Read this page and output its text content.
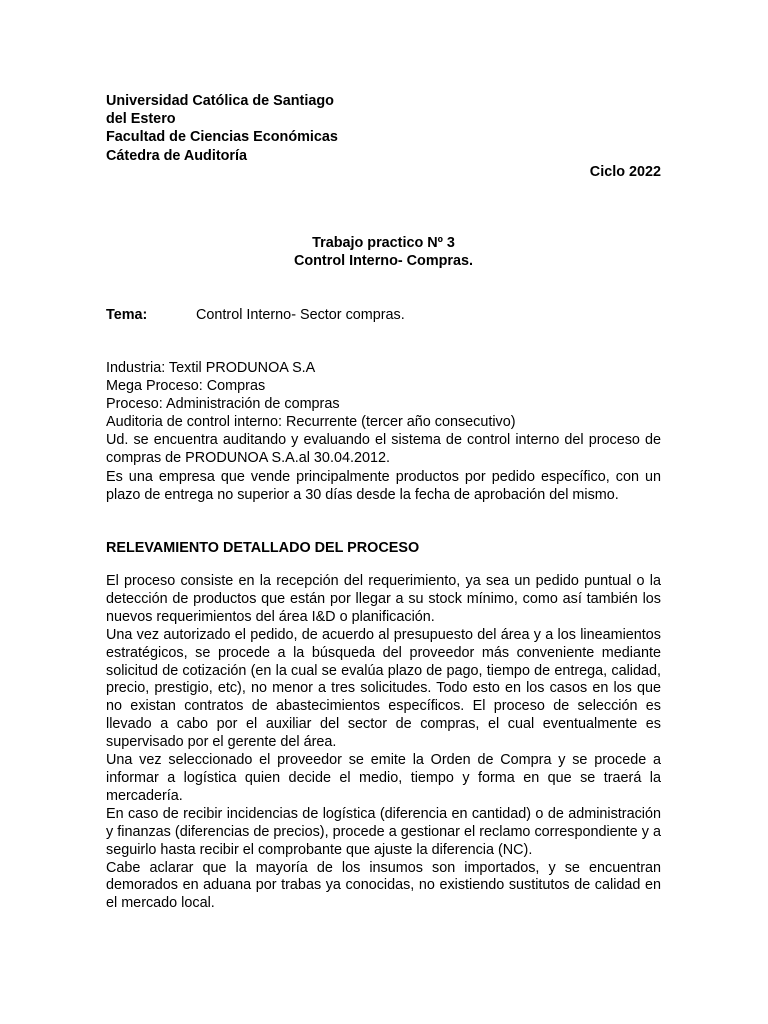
Universidad Católica de Santiago
del Estero
Facultad de Ciencias Económicas
Cátedra de Auditoría
Ciclo 2022
Trabajo practico Nº 3
Control Interno- Compras.
Tema:	Control Interno- Sector compras.
Industria: Textil PRODUNOA S.A
Mega Proceso: Compras
Proceso: Administración de compras
Auditoria de control interno: Recurrente (tercer año consecutivo)
Ud. se encuentra auditando y evaluando el sistema de control interno del proceso de compras de PRODUNOA S.A.al 30.04.2012.
Es una empresa que vende principalmente productos por pedido específico, con un plazo de entrega no superior a 30 días desde la fecha de aprobación del mismo.
RELEVAMIENTO DETALLADO DEL PROCESO

El proceso consiste en la recepción del requerimiento, ya sea un pedido puntual o la detección de productos que están por llegar a su stock mínimo, como así también los nuevos requerimientos del área I&D o planificación.

Una vez autorizado el pedido, de acuerdo al presupuesto del área y a los lineamientos estratégicos, se procede a la búsqueda del proveedor más conveniente mediante solicitud de cotización (en la cual se evalúa plazo de pago, tiempo de entrega, calidad, precio, prestigio, etc), no menor a tres solicitudes. Todo esto en los casos en los que no existan contratos de abastecimientos específicos. El proceso de selección es llevado a cabo por el auxiliar del sector de compras, el cual eventualmente es supervisado por el gerente del área.

Una vez seleccionado el proveedor se emite la Orden de Compra y se procede a informar a logística quien decide el medio, tiempo y forma en que se traerá la mercadería.

En caso de recibir incidencias de logística (diferencia en cantidad) o de administración y finanzas (diferencias de precios), procede a gestionar el reclamo correspondiente y a seguirlo hasta recibir el comprobante que ajuste la diferencia (NC).

Cabe aclarar que la mayoría de los insumos son importados, y se encuentran demorados en aduana por trabas ya conocidas, no existiendo sustitutos de calidad en el mercado local.
